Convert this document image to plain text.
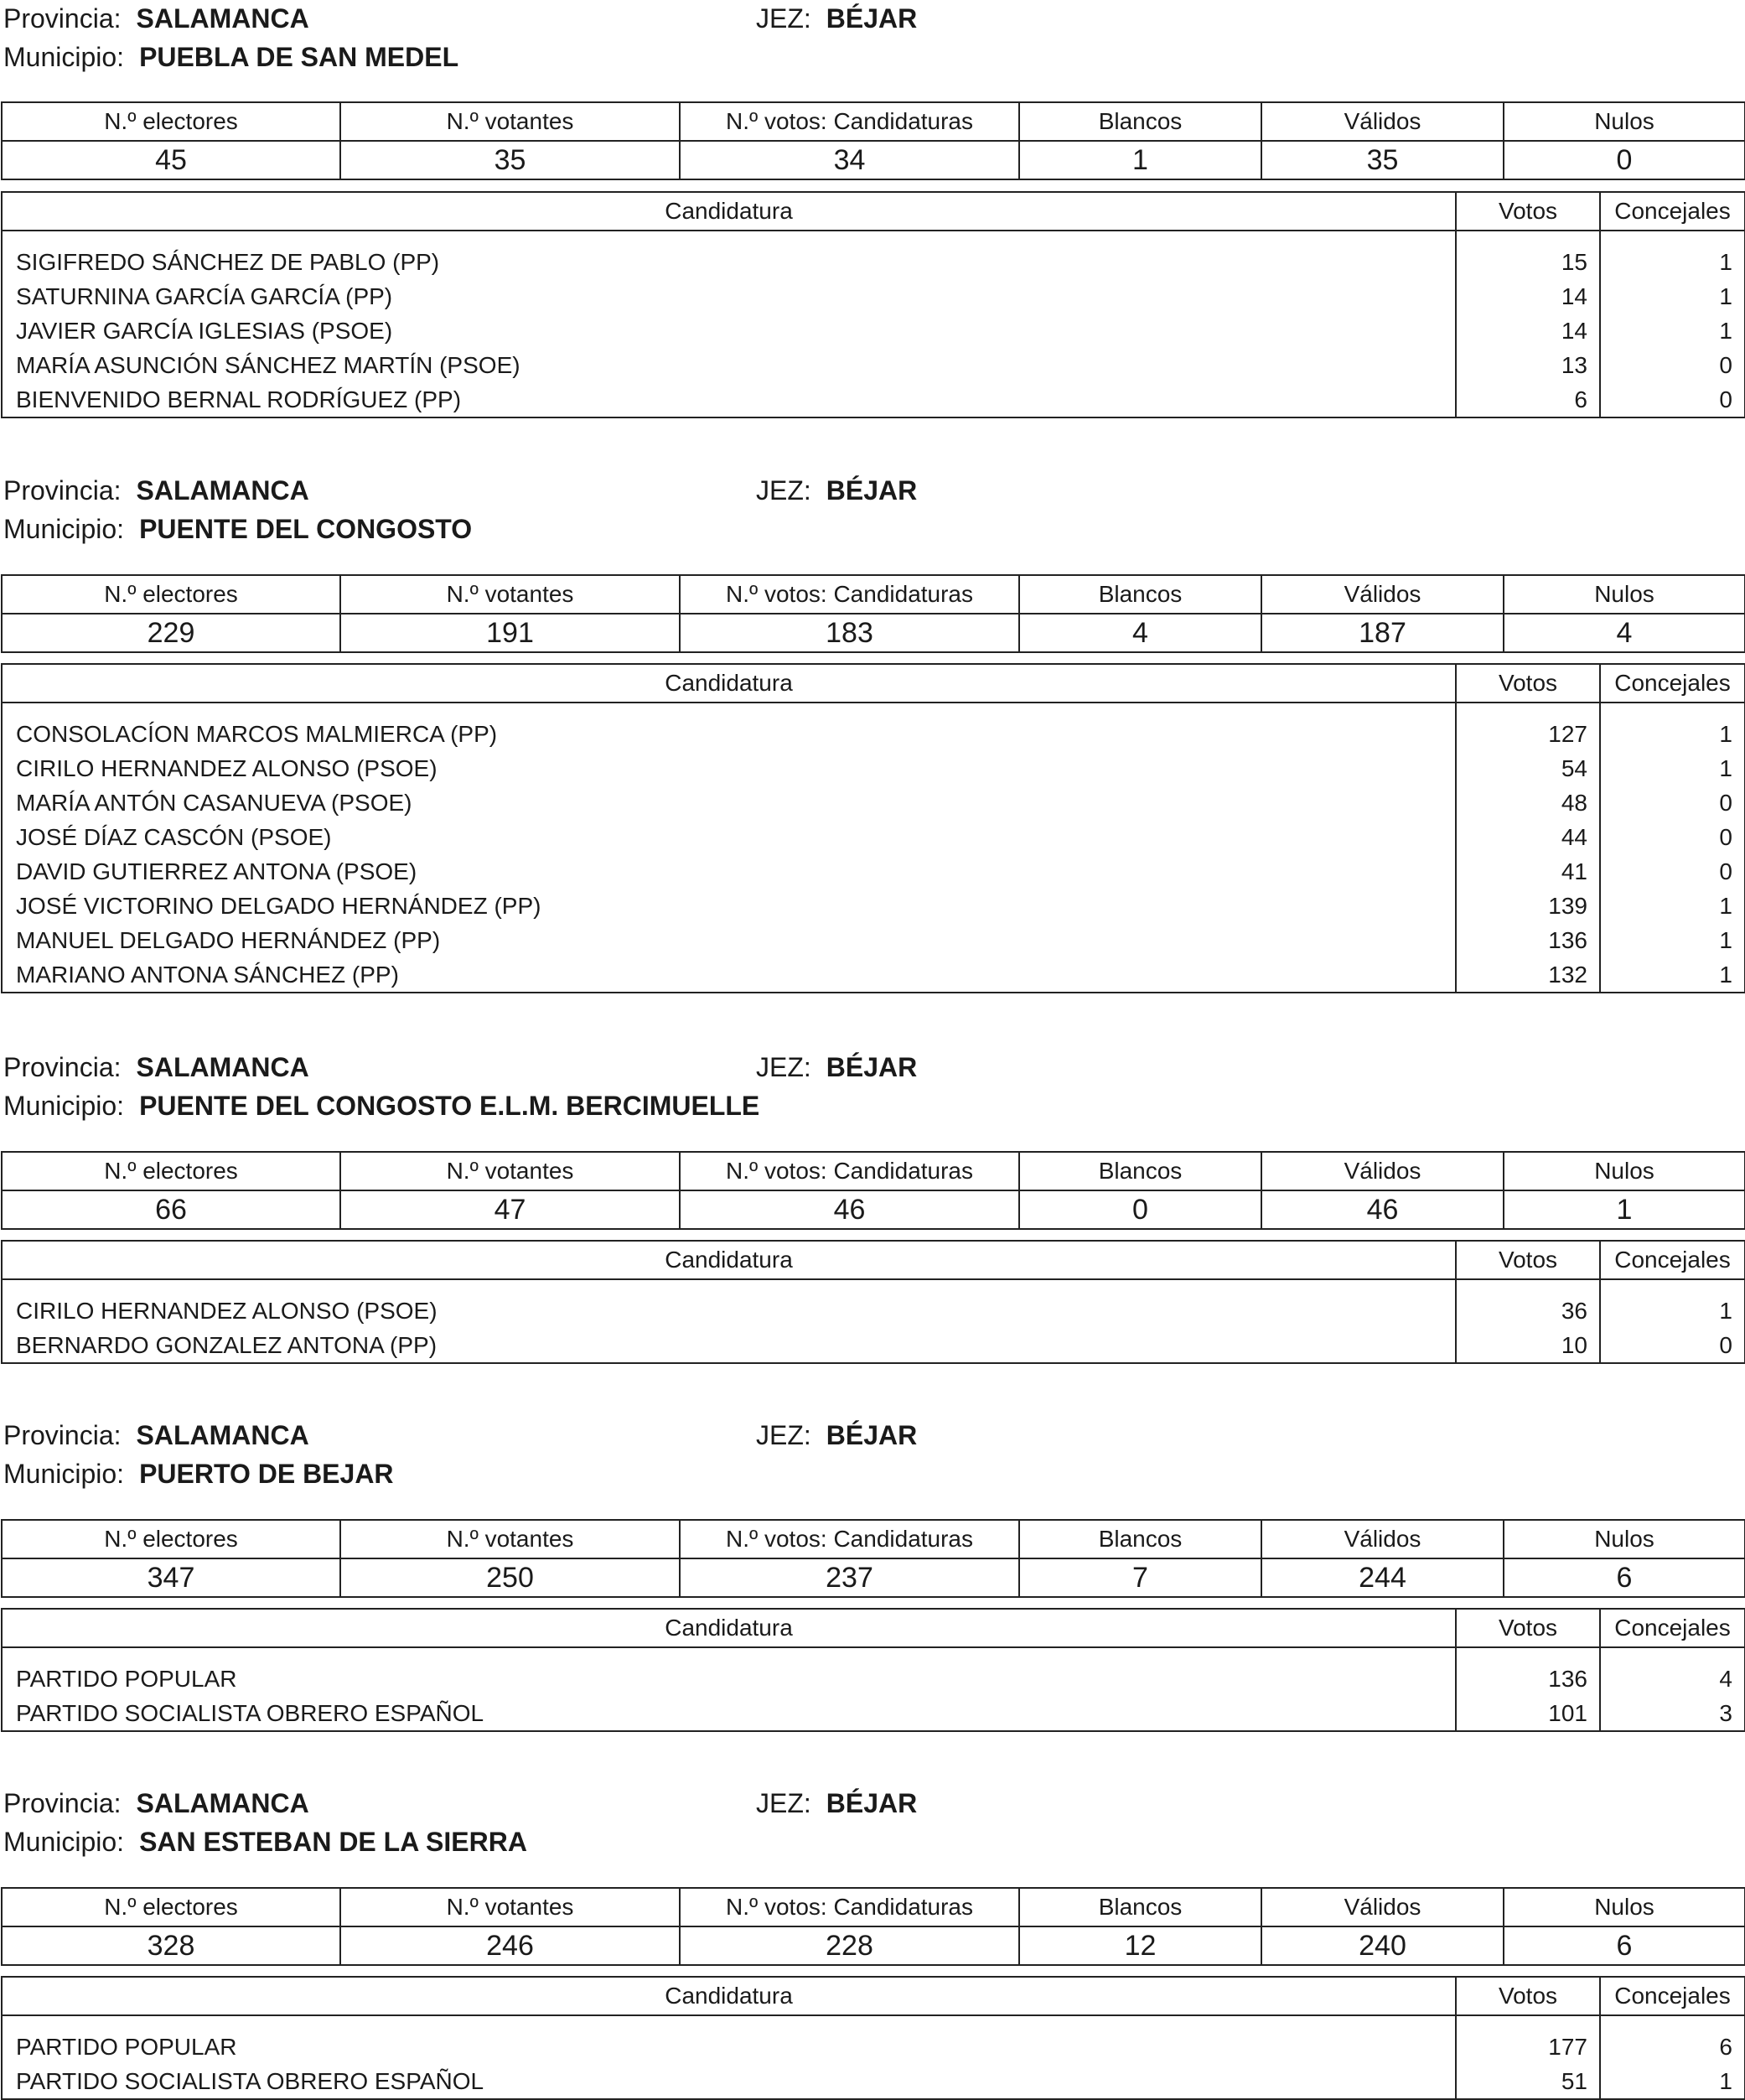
Provincia: SALAMANCA	JEZ: BÉJAR
Municipio: PUEBLA DE SAN MEDEL
N.º electores	N.º votantes	N.º votos: Candidaturas	Blancos	Válidos	Nulos
45	35	34	1	35	0
Candidatura	Votos	Concejales
SIGIFREDO SÁNCHEZ DE PABLO (PP)	15	1
SATURNINA GARCÍA GARCÍA (PP)	14	1
JAVIER GARCÍA IGLESIAS (PSOE)	14	1
MARÍA ASUNCIÓN SÁNCHEZ MARTÍN (PSOE)	13	0
BIENVENIDO BERNAL RODRÍGUEZ (PP)	6	0
Provincia: SALAMANCA	JEZ: BÉJAR
Municipio: PUENTE DEL CONGOSTO
N.º electores	N.º votantes	N.º votos: Candidaturas	Blancos	Válidos	Nulos
229	191	183	4	187	4
Candidatura	Votos	Concejales
CONSOLACÍON MARCOS MALMIERCA (PP)	127	1
CIRILO HERNANDEZ ALONSO (PSOE)	54	1
MARÍA ANTÓN CASANUEVA (PSOE)	48	0
JOSÉ DÍAZ CASCÓN (PSOE)	44	0
DAVID GUTIERREZ ANTONA (PSOE)	41	0
JOSÉ VICTORINO DELGADO HERNÁNDEZ (PP)	139	1
MANUEL DELGADO HERNÁNDEZ (PP)	136	1
MARIANO ANTONA SÁNCHEZ (PP)	132	1
Provincia: SALAMANCA	JEZ: BÉJAR
Municipio: PUENTE DEL CONGOSTO E.L.M. BERCIMUELLE
N.º electores	N.º votantes	N.º votos: Candidaturas	Blancos	Válidos	Nulos
66	47	46	0	46	1
Candidatura	Votos	Concejales
CIRILO HERNANDEZ ALONSO (PSOE)	36	1
BERNARDO GONZALEZ ANTONA (PP)	10	0
Provincia: SALAMANCA	JEZ: BÉJAR
Municipio: PUERTO DE BEJAR
N.º electores	N.º votantes	N.º votos: Candidaturas	Blancos	Válidos	Nulos
347	250	237	7	244	6
Candidatura	Votos	Concejales
PARTIDO POPULAR	136	4
PARTIDO SOCIALISTA OBRERO ESPAÑOL	101	3
Provincia: SALAMANCA	JEZ: BÉJAR
Municipio: SAN ESTEBAN DE LA SIERRA
N.º electores	N.º votantes	N.º votos: Candidaturas	Blancos	Válidos	Nulos
328	246	228	12	240	6
Candidatura	Votos	Concejales
PARTIDO POPULAR	177	6
PARTIDO SOCIALISTA OBRERO ESPAÑOL	51	1
